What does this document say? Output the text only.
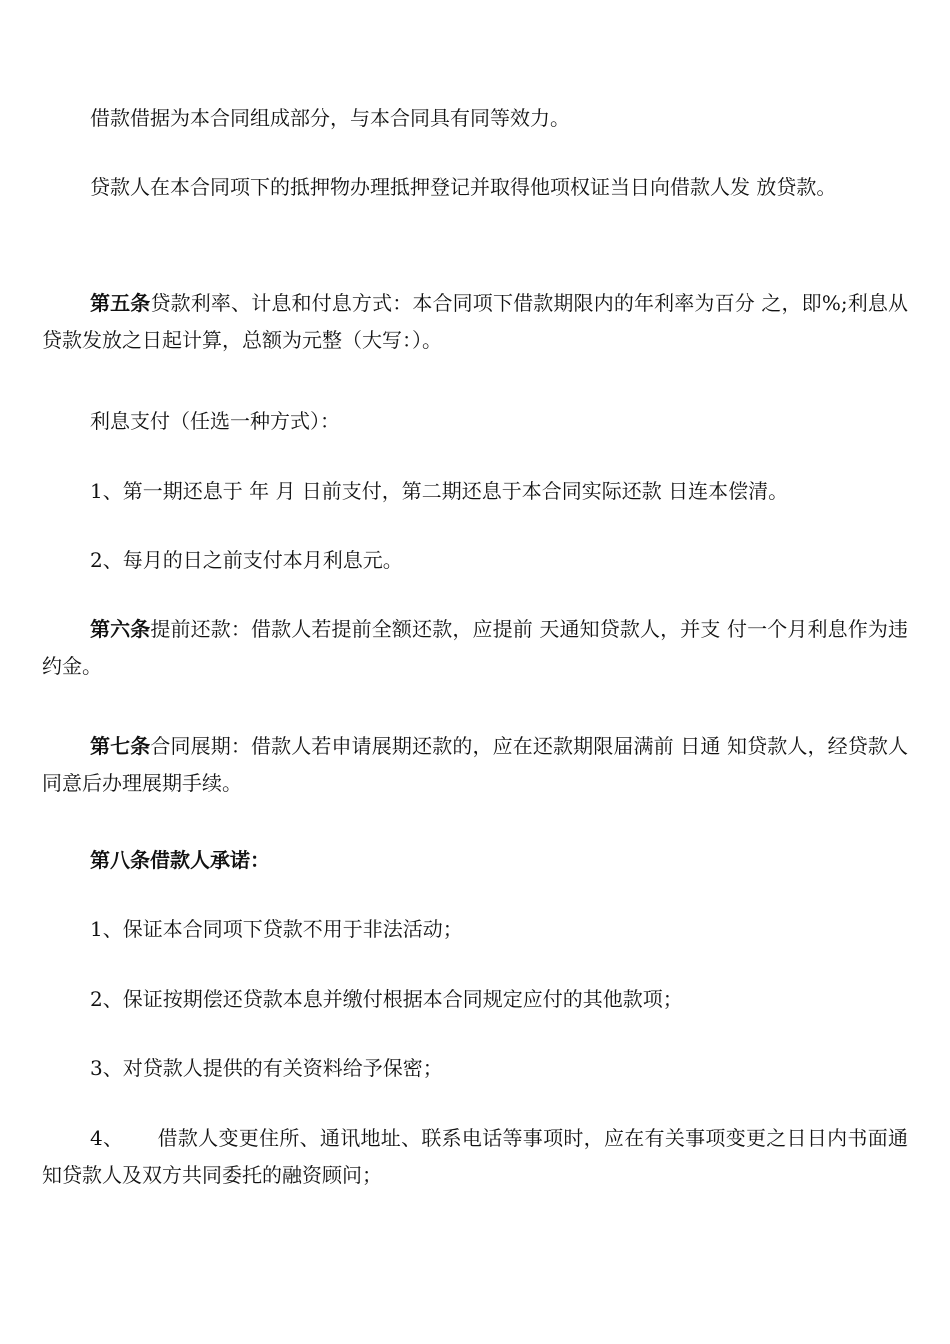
借款借据为本合同组成部分，与本合同具有同等效力。

贷款人在本合同项下的抵押物办理抵押登记并取得他项权证当日向借款人发 放贷款。

第五条贷款利率、计息和付息方式：本合同项下借款期限内的年利率为百分 之，即%;利息从贷款发放之日起计算，总额为元整（大写：）。

利息支付（任选一种方式）：

1、第一期还息于 年 月 日前支付，第二期还息于本合同实际还款 日连本偿清。

2、每月的日之前支付本月利息元。

第六条提前还款：借款人若提前全额还款，应提前 天通知贷款人，并支 付一个月利息作为违约金。

第七条合同展期：借款人若申请展期还款的，应在还款期限届满前 日通 知贷款人，经贷款人同意后办理展期手续。

第八条借款人承诺：

1、保证本合同项下贷款不用于非法活动；

2、保证按期偿还贷款本息并缴付根据本合同规定应付的其他款项；

3、对贷款人提供的有关资料给予保密；

4、 借款人变更住所、通讯地址、联系电话等事项时，应在有关事项变更之日日内书面通知贷款人及双方共同委托的融资顾问；
